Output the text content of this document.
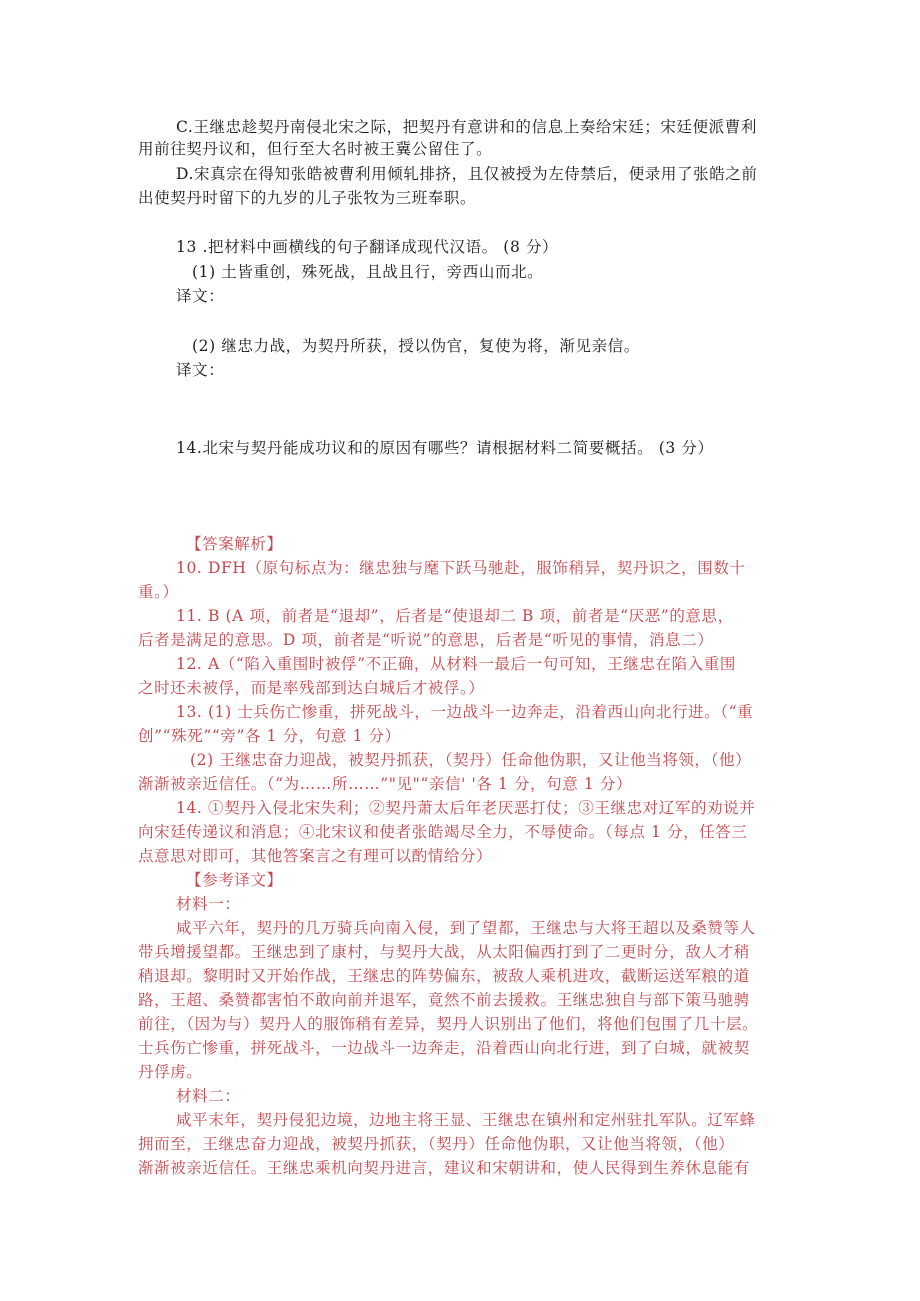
C.王继忠趁契丹南侵北宋之际，把契丹有意讲和的信息上奏给宋廷；宋廷便派曹利
用前往契丹议和，但行至大名时被王冀公留住了。
D.宋真宗在得知张皓被曹利用倾轧排挤，且仅被授为左侍禁后，便录用了张皓之前
出使契丹时留下的九岁的儿子张牧为三班奉职。
13 .把材料中画横线的句子翻译成现代汉语。 (8 分）
(1) 土皆重创，殊死战，且战且行，旁西山而北。
译文：
(2) 继忠力战，为契丹所获，授以伪官，复使为将，渐见亲信。
译文：
14.北宋与契丹能成功议和的原因有哪些？请根据材料二简要概括。 (3 分）
【答案解析】
10. DFH（原句标点为：继忠独与麾下跃马驰赴，服饰稍异，契丹识之，围数十
重。）
11. B (A 项，前者是“退却”，后者是“使退却二 B 项，前者是“厌恶”的意思，
后者是满足的意思。D 项，前者是“听说”的意思，后者是“听见的事情，消息二）
12. A（“陷入重围时被俘”不正确，从材料一最后一句可知，王继忠在陷入重围
之时还未被俘，而是率残部到达白城后才被俘。）
13. (1) 士兵伤亡惨重，拼死战斗，一边战斗一边奔走，沿着西山向北行进。（“重
创”“殊死”“旁”各 1 分，句意 1 分）
(2) 王继忠奋力迎战，被契丹抓获，（契丹）任命他伪职，又让他当将领，（他）
渐渐被亲近信任。（“为……所……”"见"“亲信' '各 1 分，句意 1 分）
14. ①契丹入侵北宋失利；②契丹萧太后年老厌恶打仗；③王继忠对辽军的劝说并
向宋廷传递议和消息；④北宋议和使者张皓竭尽全力，不辱使命。（每点 1 分，任答三
点意思对即可，其他答案言之有理可以酌情给分）
【参考译文】
材料一：
咸平六年，契丹的几万骑兵向南入侵，到了望都，王继忠与大将王超以及桑赞等人
带兵增援望都。王继忠到了康村，与契丹大战，从太阳偏西打到了二更时分，敌人才稍
稍退却。黎明时又开始作战，王继忠的阵势偏东，被敌人乘机进攻，截断运送军粮的道
路，王超、桑赞都害怕不敢向前并退军，竟然不前去援救。王继忠独自与部下策马驰骋
前往，（因为与）契丹人的服饰稍有差异，契丹人识别出了他们，将他们包围了几十层。
士兵伤亡惨重，拼死战斗，一边战斗一边奔走，沿着西山向北行进，到了白城，就被契
丹俘虏。
材料二：
咸平末年，契丹侵犯边境，边地主将王显、王继忠在镇州和定州驻扎军队。辽军蜂
拥而至，王继忠奋力迎战，被契丹抓获，（契丹）任命他伪职，又让他当将领，（他）
渐渐被亲近信任。王继忠乘机向契丹进言，建议和宋朝讲和，使人民得到生养休息能有
